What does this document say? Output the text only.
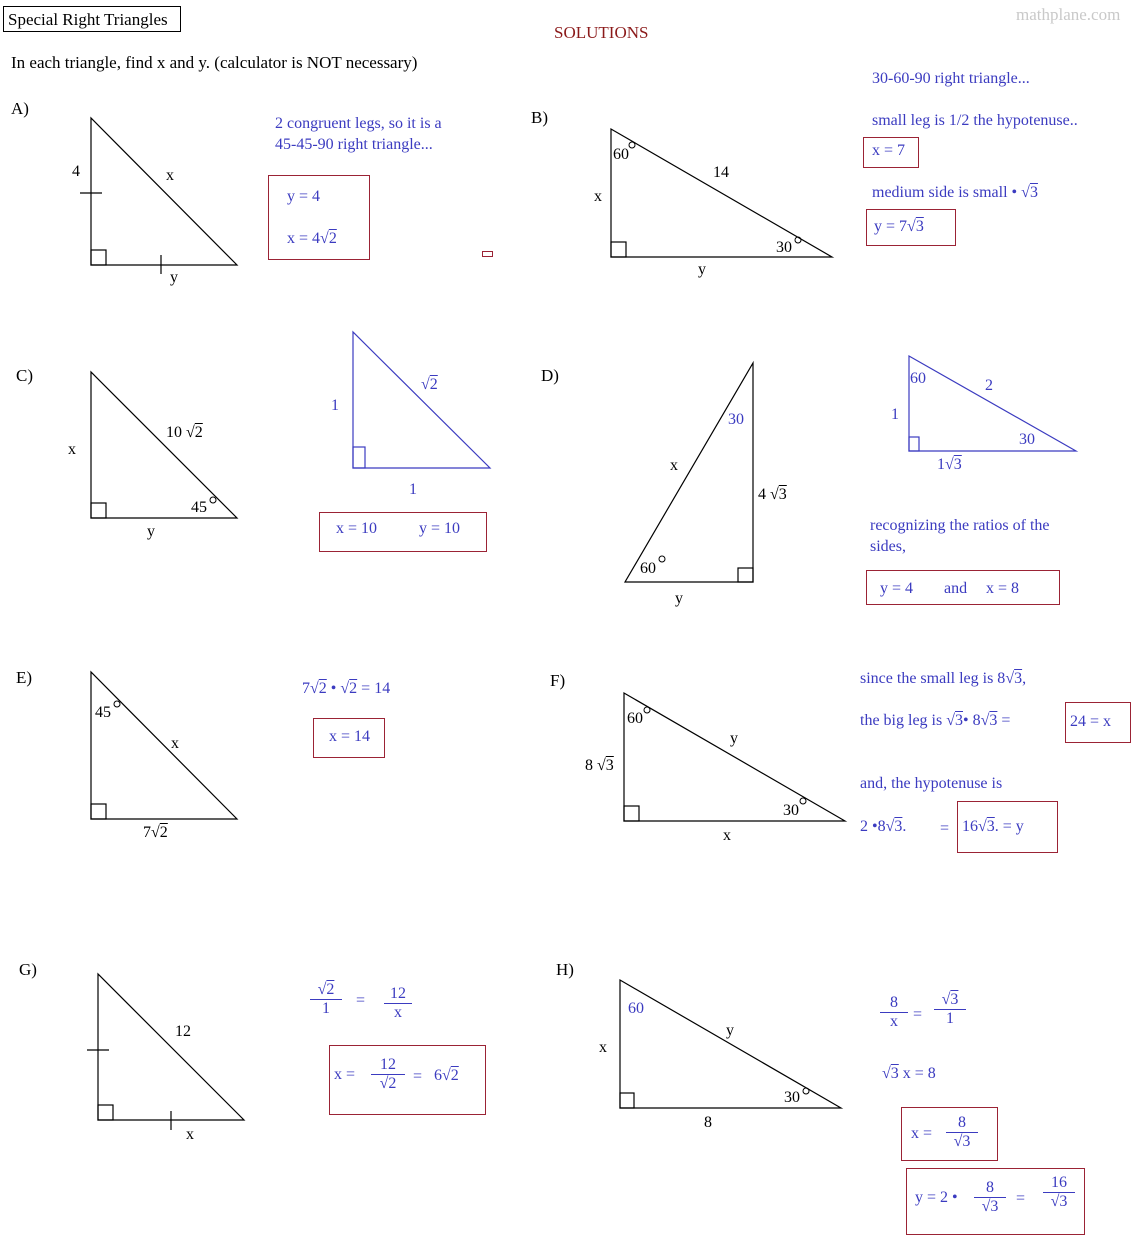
Special Right Triangles
SOLUTIONS
mathplane.com
In each triangle, find x and y. (calculator is NOT necessary)
A)
4	x
y
2 congruent legs, so it is a
45-45-90 right triangle...
y = 4
x = 4√2
B)
60
14
x
30
y
30-60-90 right triangle...
small leg is 1/2 the hypotenuse..
x = 7
medium side is small • √3
y = 7√3
C)
x
10 √2
45
y
1
√2
1
x = 10	y = 10
D)
30
x
4 √3
60
y
60	2
1
30
1√3
recognizing the ratios of the
sides,
y = 4 and x = 8
E)
45
x
7√2
7√2 • √2 = 14
x = 14
F)
60
y
8 √3
30
x
since the small leg is 8√3,
the big leg is √3• 8√3 =	24 = x
and, the hypotenuse is
2 •8√3. = 16√3. = y
G)
12
x
$\frac{√2}{1} = \frac{12}{x}$
$x = \frac{12}{√2} = 6√2$
H)
60
y
x
30
8
$\frac{8}{x} = \frac{√3}{1}$
√3 x = 8
$x = \frac{8}{√3}$
y = 2 • $\frac{8}{√3} = \frac{16}{√3}$
